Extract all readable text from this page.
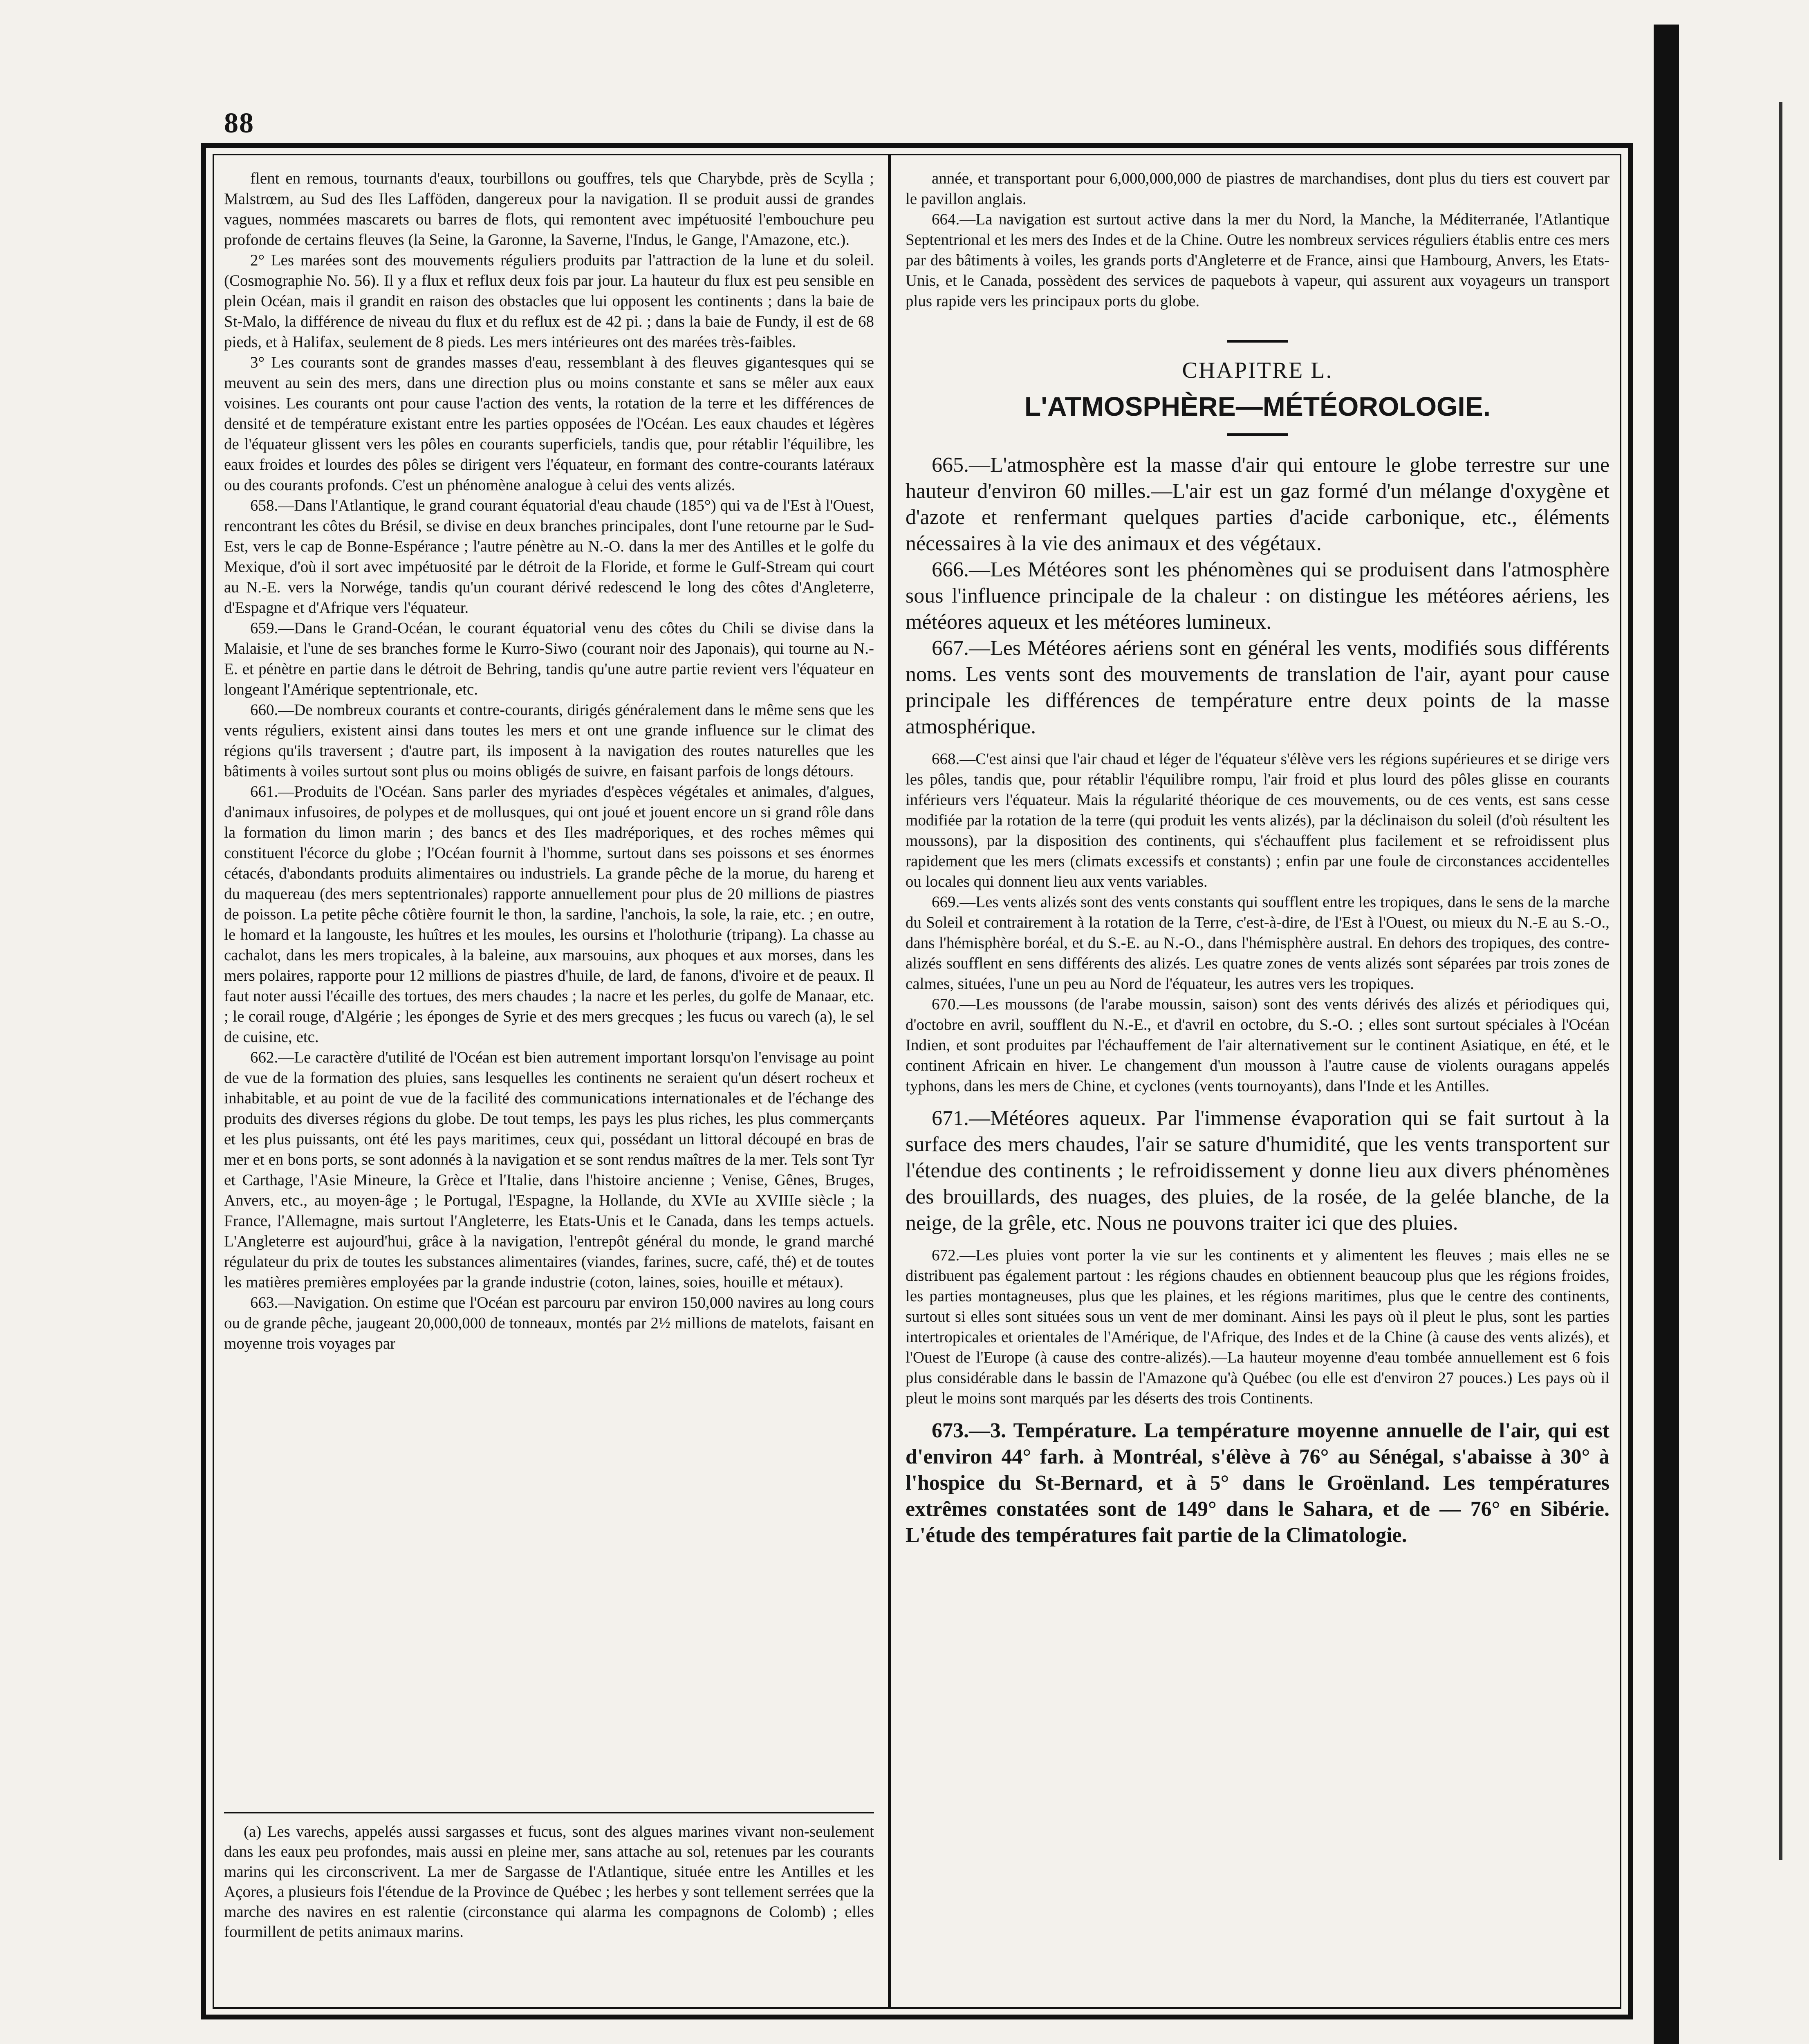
88

flent en remous, tournants d'eaux, tourbillons ou gouffres, tels que Charybde, près de Scylla ; Malstrœm, au Sud des Iles Lafföden, dangereux pour la navigation. Il se produit aussi de grandes vagues, nommées mascarets ou barres de flots, qui remontent avec impétuosité l'embouchure peu profonde de certains fleuves (la Seine, la Garonne, la Saverne, l'Indus, le Gange, l'Amazone, etc.).

2° Les marées sont des mouvements réguliers produits par l'attraction de la lune et du soleil. (Cosmographie No. 56). Il y a flux et reflux deux fois par jour. La hauteur du flux est peu sensible en plein Océan, mais il grandit en raison des obstacles que lui opposent les continents ; dans la baie de St-Malo, la différence de niveau du flux et du reflux est de 42 pi. ; dans la baie de Fundy, il est de 68 pieds, et à Halifax, seulement de 8 pieds. Les mers intérieures ont des marées très-faibles.

3° Les courants sont de grandes masses d'eau, ressemblant à des fleuves gigantesques qui se meuvent au sein des mers, dans une direction plus ou moins constante et sans se mêler aux eaux voisines. Les courants ont pour cause l'action des vents, la rotation de la terre et les différences de densité et de température existant entre les parties opposées de l'Océan. Les eaux chaudes et légères de l'équateur glissent vers les pôles en courants superficiels, tandis que, pour rétablir l'équilibre, les eaux froides et lourdes des pôles se dirigent vers l'équateur, en formant des contre-courants latéraux ou des courants profonds. C'est un phénomène analogue à celui des vents alizés.

658.—Dans l'Atlantique, le grand courant équatorial d'eau chaude (185°) qui va de l'Est à l'Ouest, rencontrant les côtes du Brésil, se divise en deux branches principales, dont l'une retourne par le Sud-Est, vers le cap de Bonne-Espérance ; l'autre pénètre au N.-O. dans la mer des Antilles et le golfe du Mexique, d'où il sort avec impétuosité par le détroit de la Floride, et forme le Gulf-Stream qui court au N.-E. vers la Norwége, tandis qu'un courant dérivé redescend le long des côtes d'Angleterre, d'Espagne et d'Afrique vers l'équateur.

659.—Dans le Grand-Océan, le courant équatorial venu des côtes du Chili se divise dans la Malaisie, et l'une de ses branches forme le Kurro-Siwo (courant noir des Japonais), qui tourne au N.-E. et pénètre en partie dans le détroit de Behring, tandis qu'une autre partie revient vers l'équateur en longeant l'Amérique septentrionale, etc.

660.—De nombreux courants et contre-courants, dirigés généralement dans le même sens que les vents réguliers, existent ainsi dans toutes les mers et ont une grande influence sur le climat des régions qu'ils traversent ; d'autre part, ils imposent à la navigation des routes naturelles que les bâtiments à voiles surtout sont plus ou moins obligés de suivre, en faisant parfois de longs détours.

661.—Produits de l'Océan. Sans parler des myriades d'espèces végétales et animales, d'algues, d'animaux infusoires, de polypes et de mollusques, qui ont joué et jouent encore un si grand rôle dans la formation du limon marin ; des bancs et des Iles madréporiques, et des roches mêmes qui constituent l'écorce du globe ; l'Océan fournit à l'homme, surtout dans ses poissons et ses énormes cétacés, d'abondants produits alimentaires ou industriels. La grande pêche de la morue, du hareng et du maquereau (des mers septentrionales) rapporte annuellement pour plus de 20 millions de piastres de poisson. La petite pêche côtière fournit le thon, la sardine, l'anchois, la sole, la raie, etc. ; en outre, le homard et la langouste, les huîtres et les moules, les oursins et l'holothurie (tripang). La chasse au cachalot, dans les mers tropicales, à la baleine, aux marsouins, aux phoques et aux morses, dans les mers polaires, rapporte pour 12 millions de piastres d'huile, de lard, de fanons, d'ivoire et de peaux. Il faut noter aussi l'écaille des tortues, des mers chaudes ; la nacre et les perles, du golfe de Manaar, etc. ; le corail rouge, d'Algérie ; les éponges de Syrie et des mers grecques ; les fucus ou varech (a), le sel de cuisine, etc.

662.—Le caractère d'utilité de l'Océan est bien autrement important lorsqu'on l'envisage au point de vue de la formation des pluies, sans lesquelles les continents ne seraient qu'un désert rocheux et inhabitable, et au point de vue de la facilité des communications internationales et de l'échange des produits des diverses régions du globe. De tout temps, les pays les plus riches, les plus commerçants et les plus puissants, ont été les pays maritimes, ceux qui, possédant un littoral découpé en bras de mer et en bons ports, se sont adonnés à la navigation et se sont rendus maîtres de la mer. Tels sont Tyr et Carthage, l'Asie Mineure, la Grèce et l'Italie, dans l'histoire ancienne ; Venise, Gênes, Bruges, Anvers, etc., au moyen-âge ; le Portugal, l'Espagne, la Hollande, du XVIe au XVIIIe siècle ; la France, l'Allemagne, mais surtout l'Angleterre, les Etats-Unis et le Canada, dans les temps actuels. L'Angleterre est aujourd'hui, grâce à la navigation, l'entrepôt général du monde, le grand marché régulateur du prix de toutes les substances alimentaires (viandes, farines, sucre, café, thé) et de toutes les matières premières employées par la grande industrie (coton, laines, soies, houille et métaux).

663.—Navigation. On estime que l'Océan est parcouru par environ 150,000 navires au long cours ou de grande pêche, jaugeant 20,000,000 de tonneaux, montés par 2½ millions de matelots, faisant en moyenne trois voyages par

(a) Les varechs, appelés aussi sargasses et fucus, sont des algues marines vivant non-seulement dans les eaux peu profondes, mais aussi en pleine mer, sans attache au sol, retenues par les courants marins qui les circonscrivent. La mer de Sargasse de l'Atlantique, située entre les Antilles et les Açores, a plusieurs fois l'étendue de la Province de Québec ; les herbes y sont tellement serrées que la marche des navires en est ralentie (circonstance qui alarma les compagnons de Colomb) ; elles fourmillent de petits animaux marins.

année, et transportant pour 6,000,000,000 de piastres de marchandises, dont plus du tiers est couvert par le pavillon anglais.

664.—La navigation est surtout active dans la mer du Nord, la Manche, la Méditerranée, l'Atlantique Septentrional et les mers des Indes et de la Chine. Outre les nombreux services réguliers établis entre ces mers par des bâtiments à voiles, les grands ports d'Angleterre et de France, ainsi que Hambourg, Anvers, les Etats-Unis, et le Canada, possèdent des services de paquebots à vapeur, qui assurent aux voyageurs un transport plus rapide vers les principaux ports du globe.

CHAPITRE L.
L'ATMOSPHÈRE—MÉTÉOROLOGIE.

665.—L'atmosphère est la masse d'air qui entoure le globe terrestre sur une hauteur d'environ 60 milles.—L'air est un gaz formé d'un mélange d'oxygène et d'azote et renfermant quelques parties d'acide carbonique, etc., éléments nécessaires à la vie des animaux et des végétaux.

666.—Les Météores sont les phénomènes qui se produisent dans l'atmosphère sous l'influence principale de la chaleur : on distingue les météores aériens, les météores aqueux et les météores lumineux.

667.—Les Météores aériens sont en général les vents, modifiés sous différents noms. Les vents sont des mouvements de translation de l'air, ayant pour cause principale les différences de température entre deux points de la masse atmosphérique.

668.—C'est ainsi que l'air chaud et léger de l'équateur s'élève vers les régions supérieures et se dirige vers les pôles, tandis que, pour rétablir l'équilibre rompu, l'air froid et plus lourd des pôles glisse en courants inférieurs vers l'équateur. Mais la régularité théorique de ces mouvements, ou de ces vents, est sans cesse modifiée par la rotation de la terre (qui produit les vents alizés), par la déclinaison du soleil (d'où résultent les moussons), par la disposition des continents, qui s'échauffent plus facilement et se refroidissent plus rapidement que les mers (climats excessifs et constants) ; enfin par une foule de circonstances accidentelles ou locales qui donnent lieu aux vents variables.

669.—Les vents alizés sont des vents constants qui soufflent entre les tropiques, dans le sens de la marche du Soleil et contrairement à la rotation de la Terre, c'est-à-dire, de l'Est à l'Ouest, ou mieux du N.-E au S.-O., dans l'hémisphère boréal, et du S.-E. au N.-O., dans l'hémisphère austral. En dehors des tropiques, des contre-alizés soufflent en sens différents des alizés. Les quatre zones de vents alizés sont séparées par trois zones de calmes, situées, l'une un peu au Nord de l'équateur, les autres vers les tropiques.

670.—Les moussons (de l'arabe moussin, saison) sont des vents dérivés des alizés et périodiques qui, d'octobre en avril, soufflent du N.-E., et d'avril en octobre, du S.-O. ; elles sont surtout spéciales à l'Océan Indien, et sont produites par l'échauffement de l'air alternativement sur le continent Asiatique, en été, et le continent Africain en hiver. Le changement d'un mousson à l'autre cause de violents ouragans appelés typhons, dans les mers de Chine, et cyclones (vents tournoyants), dans l'Inde et les Antilles.

671.—Météores aqueux. Par l'immense évaporation qui se fait surtout à la surface des mers chaudes, l'air se sature d'humidité, que les vents transportent sur l'étendue des continents ; le refroidissement y donne lieu aux divers phénomènes des brouillards, des nuages, des pluies, de la rosée, de la gelée blanche, de la neige, de la grêle, etc. Nous ne pouvons traiter ici que des pluies.

672.—Les pluies vont porter la vie sur les continents et y alimentent les fleuves ; mais elles ne se distribuent pas également partout : les régions chaudes en obtiennent beaucoup plus que les régions froides, les parties montagneuses, plus que les plaines, et les régions maritimes, plus que le centre des continents, surtout si elles sont situées sous un vent de mer dominant. Ainsi les pays où il pleut le plus, sont les parties intertropicales et orientales de l'Amérique, de l'Afrique, des Indes et de la Chine (à cause des vents alizés), et l'Ouest de l'Europe (à cause des contre-alizés).—La hauteur moyenne d'eau tombée annuellement est 6 fois plus considérable dans le bassin de l'Amazone qu'à Québec (ou elle est d'environ 27 pouces.) Les pays où il pleut le moins sont marqués par les déserts des trois Continents.

673.—3. Température. La température moyenne annuelle de l'air, qui est d'environ 44° farh. à Montréal, s'élève à 76° au Sénégal, s'abaisse à 30° à l'hospice du St-Bernard, et à 5° dans le Groënland. Les températures extrêmes constatées sont de 149° dans le Sahara, et de — 76° en Sibérie. L'étude des températures fait partie de la Climatologie.
